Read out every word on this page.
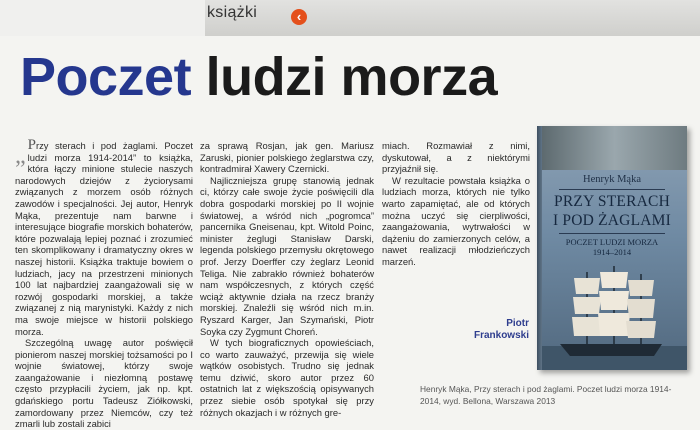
książki	‹
Poczet ludzi morza

„ Przy sterach i pod żaglami. Poczet ludzi morza 1914-2014” to książka, która łączy minione stulecie naszych narodowych dziejów z życiorysami związanych z morzem osób różnych zawodów i specjalności. Jej autor, Henryk Mąka, prezentuje nam barwne i interesujące biografie morskich bohaterów, które pozwalają lepiej poznać i zrozumieć ten skomplikowany i dramatyczny okres w naszej historii. Książka traktuje bowiem o ludziach, jacy na przestrzeni minionych 100 lat najbardziej zaangażowali się w rozwój gospodarki morskiej, a także związanej z nią marynistyki. Każdy z nich ma swoje miejsce w historii polskiego morza.

Szczególną uwagę autor poświęcił pionierom naszej morskiej tożsamości po I wojnie światowej, którzy swoje zaangażowanie i niezłomną postawę często przypłacili życiem, jak np. kpt. gdańskiego portu Tadeusz Ziółkowski, zamordowany przez Niemców, czy też zmarli lub zostali zabici

za sprawą Rosjan, jak gen. Mariusz Zaruski, pionier polskiego żeglarstwa czy, kontradmirał Xawery Czernicki.

Najliczniejsza grupę stanowią jednak ci, którzy całe swoje życie poświęcili dla dobra gospodarki morskiej po II wojnie światowej, a wśród nich „pogromca” pancernika Gneisenau, kpt. Witold Poinc, minister żeglugi Stanisław Darski, legenda polskiego przemysłu okrętowego prof. Jerzy Doerffer czy żeglarz Leonid Teliga. Nie zabrakło również bohaterów nam współczesnych, z których część wciąż aktywnie działa na rzecz branży morskiej. Znaleźli się wśród nich m.in. Ryszard Karger, Jan Szymański, Piotr Soyka czy Zygmunt Choreń.

W tych biograficznych opowieściach, co warto zauważyć, przewija się wiele wątków osobistych. Trudno się jednak temu dziwić, skoro autor przez 60 ostatnich lat z większością opisywanych przez siebie osób spotykał się przy różnych okazjach i w różnych gre-

miach. Rozmawiał z nimi, dyskutował, a z niektórymi przyjaźnił się.

W rezultacie powstała książka o ludziach morza, których nie tylko warto zapamiętać, ale od których można uczyć się cierpliwości, zaangażowania, wytrwałości w dążeniu do zamierzonych celów, a nawet realizacji młodzieńczych marzeń.

Piotr
Frankowski
Henryk Mąka
PRZY STERACH
I POD ŻAGLAMI
POCZET LUDZI MORZA
1914–2014
Henryk Mąka, Przy sterach i pod żaglami. Poczet ludzi morza 1914-2014, wyd. Bellona, Warszawa 2013
